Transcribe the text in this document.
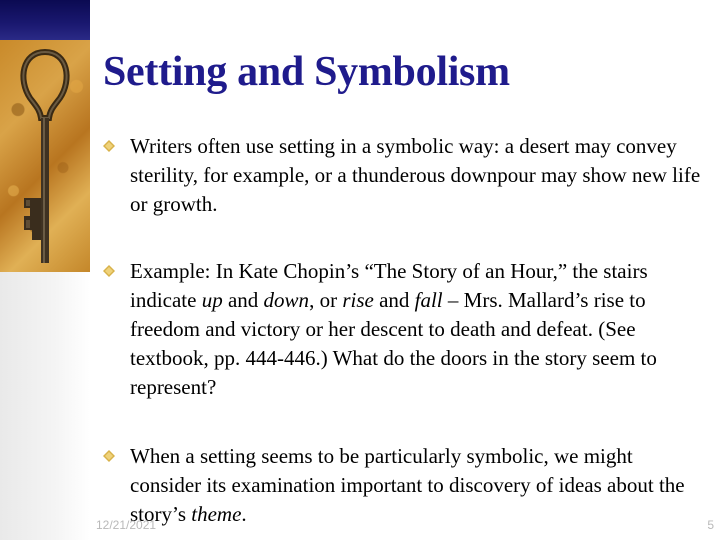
Setting and Symbolism
Writers often use setting in a symbolic way: a desert may convey sterility, for example, or a thunderous downpour may show new life or growth.
Example: In Kate Chopin’s “The Story of an Hour,” the stairs indicate up and down, or rise and fall – Mrs. Mallard’s rise to freedom and victory or her descent to death and defeat. (See textbook, pp. 444-446.) What do the doors in the story seem to represent?
When a setting seems to be particularly symbolic, we might consider its examination important to discovery of ideas about the story’s theme.
12/21/2021	5
